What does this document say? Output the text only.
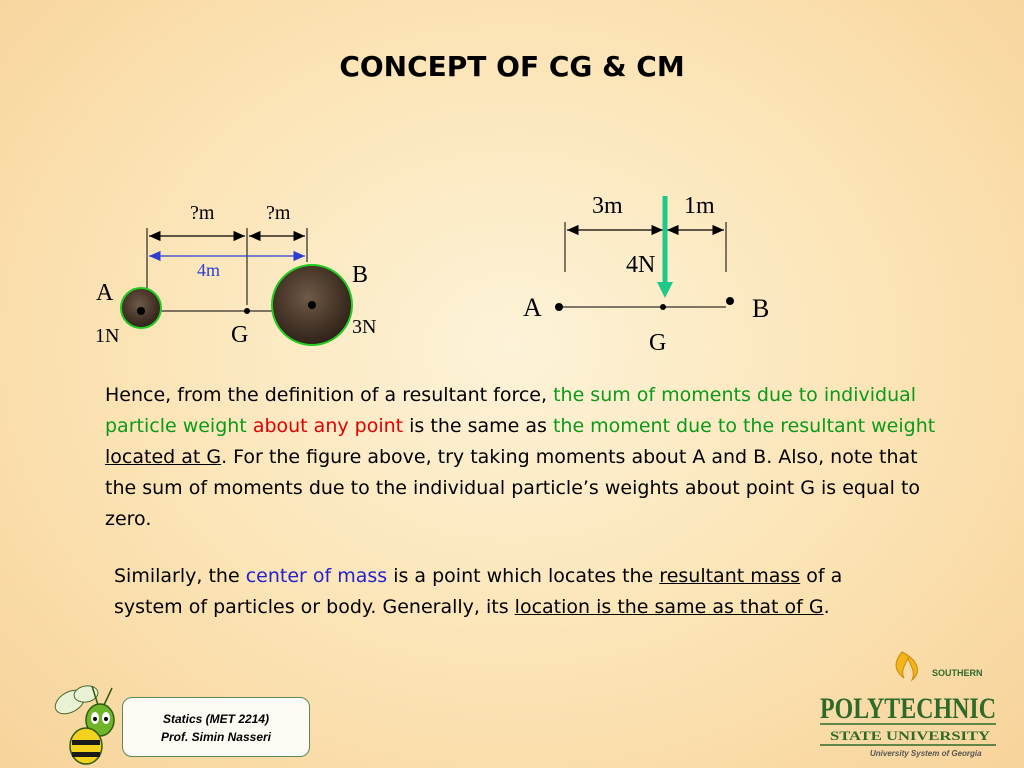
CONCEPT OF CG & CM
?m	?m
4m
A
B
G
1N	3N
3m	1m
4N
A	B
G
Hence, from the definition of a resultant force, the sum of moments due to individual particle weight about any point is the same as the moment due to the resultant weight located at G. For the figure above, try taking moments about A and B. Also, note that the sum of moments due to the individual particle’s weights about point G is equal to zero.
Similarly, the center of mass is a point which locates the resultant mass of a system of particles or body. Generally, its location is the same as that of G.
Statics (MET 2214)
Prof. Simin Nasseri
SOUTHERN
POLYTECHNIC
STATE UNIVERSITY
University System of Georgia
